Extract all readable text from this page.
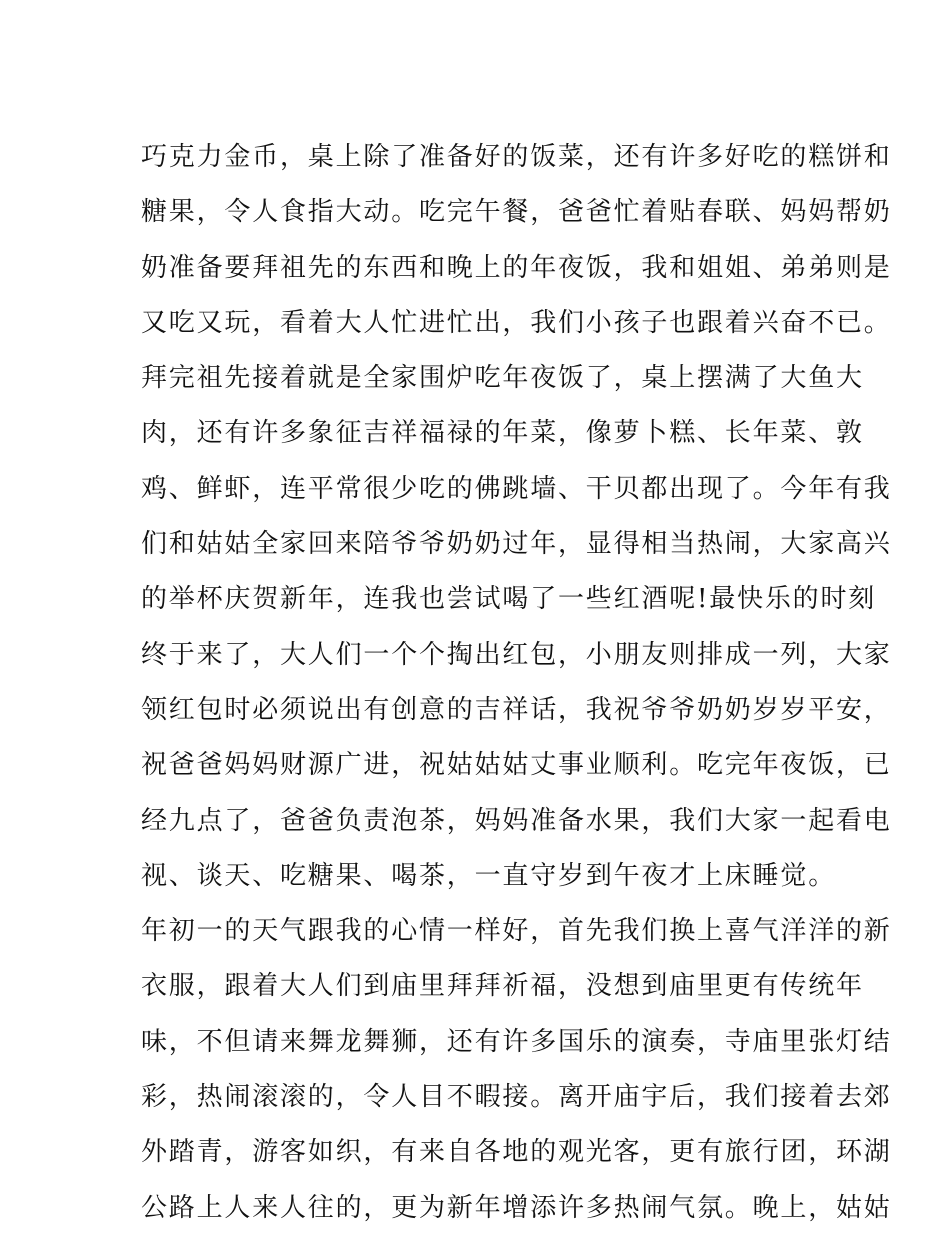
巧克力金币，桌上除了准备好的饭菜，还有许多好吃的糕饼和
糖果，令人食指大动。吃完午餐，爸爸忙着贴春联、妈妈帮奶
奶准备要拜祖先的东西和晚上的年夜饭，我和姐姐、弟弟则是
又吃又玩，看着大人忙进忙出，我们小孩子也跟着兴奋不已。
拜完祖先接着就是全家围炉吃年夜饭了，桌上摆满了大鱼大
肉，还有许多象征吉祥福禄的年菜，像萝卜糕、长年菜、敦
鸡、鲜虾，连平常很少吃的佛跳墙、干贝都出现了。今年有我
们和姑姑全家回来陪爷爷奶奶过年，显得相当热闹，大家高兴
的举杯庆贺新年，连我也尝试喝了一些红酒呢!最快乐的时刻
终于来了，大人们一个个掏出红包，小朋友则排成一列，大家
领红包时必须说出有创意的吉祥话，我祝爷爷奶奶岁岁平安，
祝爸爸妈妈财源广进，祝姑姑姑丈事业顺利。吃完年夜饭，已
经九点了，爸爸负责泡茶，妈妈准备水果，我们大家一起看电
视、谈天、吃糖果、喝茶，一直守岁到午夜才上床睡觉。
年初一的天气跟我的心情一样好，首先我们换上喜气洋洋的新
衣服，跟着大人们到庙里拜拜祈福，没想到庙里更有传统年
味，不但请来舞龙舞狮，还有许多国乐的演奏，寺庙里张灯结
彩，热闹滚滚的，令人目不暇接。离开庙宇后，我们接着去郊
外踏青，游客如织，有来自各地的观光客，更有旅行团，环湖
公路上人来人往的，更为新年增添许多热闹气氛。晚上，姑姑
